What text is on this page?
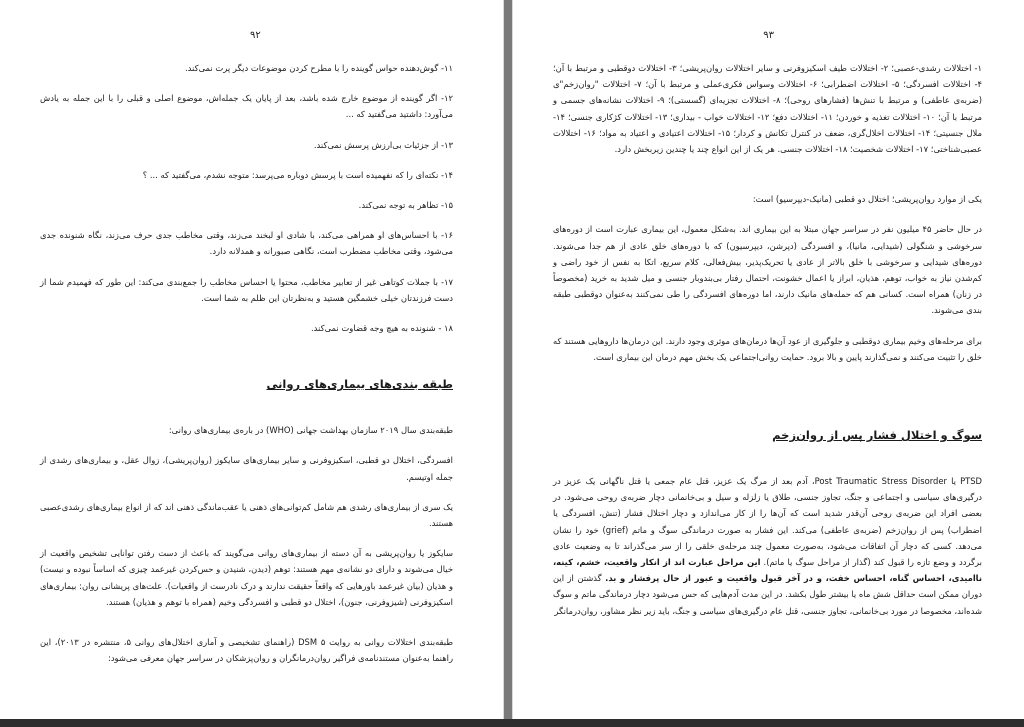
۹۲

۱۱- گوش‌دهنده حواس گوینده را با مطرح کردن موضوعات دیگر پرت نمی‌کند.

۱۲- اگر گوینده از موضوع خارج شده باشد، بعد از پایان یک جمله‌اش، موضوع اصلی و قبلی را با این جمله به یادش می‌آورد: داشتید می‌گفتید که ...

۱۳- از جزئیات بی‌ارزش پرسش نمی‌کند.

۱۴- نکته‌ای را که نفهمیده است با پرسش دوباره می‌پرسد: متوجه نشدم، می‌گفتید که ... ؟

۱۵- تظاهر به توجه نمی‌کند.

۱۶- با احساس‌های او همراهی می‌کند، با شادی او لبخند می‌زند، وقتی مخاطب جدی حرف می‌زند، نگاه شنونده جدی می‌شود، وقتی مخاطب مضطرب است، نگاهی صبورانه و همدلانه دارد.

۱۷- با جملات کوتاهی غیر از تعابیر مخاطب، محتوا یا احساس مخاطب را جمع‌بندی می‌کند: این طور که فهمیدم شما از دست فرزندتان خیلی خشمگین هستید و به‌نظرتان این ظلم به شما است.

۱۸ - شنونده به هیچ وجه قضاوت نمی‌کند.

طبقه بندی‌های بیماری‌های روانی

طبقه‌بندی سال ۲۰۱۹ سازمان بهداشت جهانی (WHO) در باره‌ی بیماری‌های روانی:

افسردگی، اختلال دو قطبی، اسکیزوفرنی و سایر بیماری‌های سایکوز (روان‌پریشی)، زوال عقل، و بیماری‌های رشدی از جمله اوتیسم.

یک سری از بیماری‌های رشدی هم شامل کم‌توانی‌های ذهنی یا عقب‌ماندگی ذهنی اند که از انواع بیماری‌های رشدی‌عصبی هستند.

سایکوز یا روان‌پریشی به آن دسته از بیماری‌های روانی می‌گویند که باعث از دست رفتن توانایی تشخیص واقعیت از خیال می‌شوند و دارای دو نشانه‌ی مهم هستند: توهم (دیدن، شنیدن و حس‌کردن غیرعمد چیزی که اساساً نبوده و نیست) و هذیان (بیان غیرعمد باورهایی که واقعاً حقیقت ندارند و درک نادرست از واقعیات). علت‌های پریشانی روان: بیماری‌های اسکیزوفرنی (شیزوفرنی، جنون)، اختلال دو قطبی و افسردگی وخیم (همراه با توهم و هذیان) هستند.

طبقه‌بندی اختلالات روانی به روایت DSM ۵ (راهنمای تشخیصی و آماری اختلال‌های روانی ۵، منتشره در ۲۰۱۳)، این راهنما به‌عنوان مستندنامه‌ی فراگیر روان‌درمانگران و روان‌پزشکان در سراسر جهان معرفی می‌شود:

۹۳

۱- اختلالات رشدی-عصبی؛ ۲- اختلالات طیف اسکیزوفرنی و سایر اختلالات روان‌پریشی؛ ۳- اختلالات دوقطبی و مرتبط با آن؛ ۴- اختلالات افسردگی؛ ۵- اختلالات اضطرابی؛ ۶- اختلالات وسواس فکری‌عملی و مرتبط با آن؛ ۷- اختلالات "روان‌زخم"ی (ضربه‌ی عاطفی) و مرتبط با تنش‌ها (فشارهای روحی)؛ ۸- اختلالات تجزیه‌ای (گسستی)؛ ۹- اختلالات نشانه‌های جسمی و مرتبط با آن؛ ۱۰- اختلالات تغذیه و خوردن؛ ۱۱- اختلالات دفع؛ ۱۲- اختلالات خواب - بیداری؛ ۱۳- اختلالات کژکاری جنسی؛ ۱۴- ملال جنسیتی؛ ۱۴- اختلالات اخلال‌گری، ضعف در کنترل تکانش و کردار؛ ۱۵- اختلالات اعتیادی و اعتیاد به مواد؛ ۱۶- اختلالات عصبی‌شناختی؛ ۱۷- اختلالات شخصیت؛ ۱۸- اختلالات جنسی. هر یک از این انواع چند یا چندین زیربخش دارد.

یکی از موارد روان‌پریشی؛ اختلال دو قطبی (مانیک-دیپرسیو) است:

در حال حاضر ۴۵ میلیون نفر در سراسر جهان مبتلا به این بیماری اند. به‌شکل معمول، این بیماری عبارت است از دوره‌های سرخوشی و شنگولی (شیدایی، مانیا)، و افسردگی (دپرشن، دیپرسیون) که با دوره‌های خلق عادی از هم جدا می‌شوند. دوره‌های شیدایی و سرخوشی با خلق بالاتر از عادی یا تحریک‌پذیر، بیش‌فعالی، کلام سریع، اتکا به نفس از خود راضی و کم‌شدن نیاز به خواب، توهم، هذیان، ابراز یا اعمال خشونت، احتمال رفتار بی‌بندوبار جنسی و میل شدید به خرید (مخصوصاً در زنان) همراه است. کسانی هم که حمله‌های مانیک دارند، اما دوره‌های افسردگی را طی نمی‌کنند به‌عنوان دوقطبی طبقه بندی می‌شوند.

برای مرحله‌های وخیم بیماری دوقطبی و جلوگیری از عود آن‌ها درمان‌های موثری وجود دارند. این درمان‌ها داروهایی هستند که خلق را تثبیت می‌کنند و نمی‌گذارند پایین و بالا برود. حمایت روانی‌اجتماعی یک بخش مهم درمان این بیماری است.

سوگ و اختلال فشار پس از روان‌زخم

PTSD یا Post Traumatic Stress Disorder، آدم بعد از مرگ یک عزیز، قتل عام جمعی یا قتل ناگهانی یک عزیز در درگیری‌های سیاسی و اجتماعی و جنگ، تجاوز جنسی، طلاق یا زلزله و سیل و بی‌خانمانی دچار ضربه‌ی روحی می‌شود. در بعضی افراد این ضربه‌ی روحی آن‌قدر شدید است که آن‌ها را از کار می‌اندازد و دچار اختلال فشار (تنش، افسردگی یا اضطراب) پس از روان‌زخم (ضربه‌ی عاطفی) می‌کند. این فشار به صورت درماندگی سوگ و ماتم (grief) خود را نشان می‌دهد. کسی که دچار آن اتفاقات می‌شود، به‌صورت معمول چند مرحله‌ی خلقی را از سر می‌گذراند تا به وضعیت عادی برگردد و وضع تازه را قبول کند (گذار از مراحل سوگ یا ماتم). این مراحل عبارت اند از انکار واقعیت، خشم، کینه، ناامیدی، احساس گناه، احساس خفت، و در آخر قبول واقعیت و عبور از حال پرفشار و بد. گذشتن از این دوران ممکن است حداقل شش ماه یا بیشتر طول بکشد. در این مدت آدم‌هایی که حس می‌شود دچار درماندگی ماتم و سوگ شده‌اند، مخصوصا در مورد بی‌خانمانی، تجاوز جنسی، قتل عام درگیری‌های سیاسی و جنگ، باید زیر نظر مشاور، روان‌درمانگر
